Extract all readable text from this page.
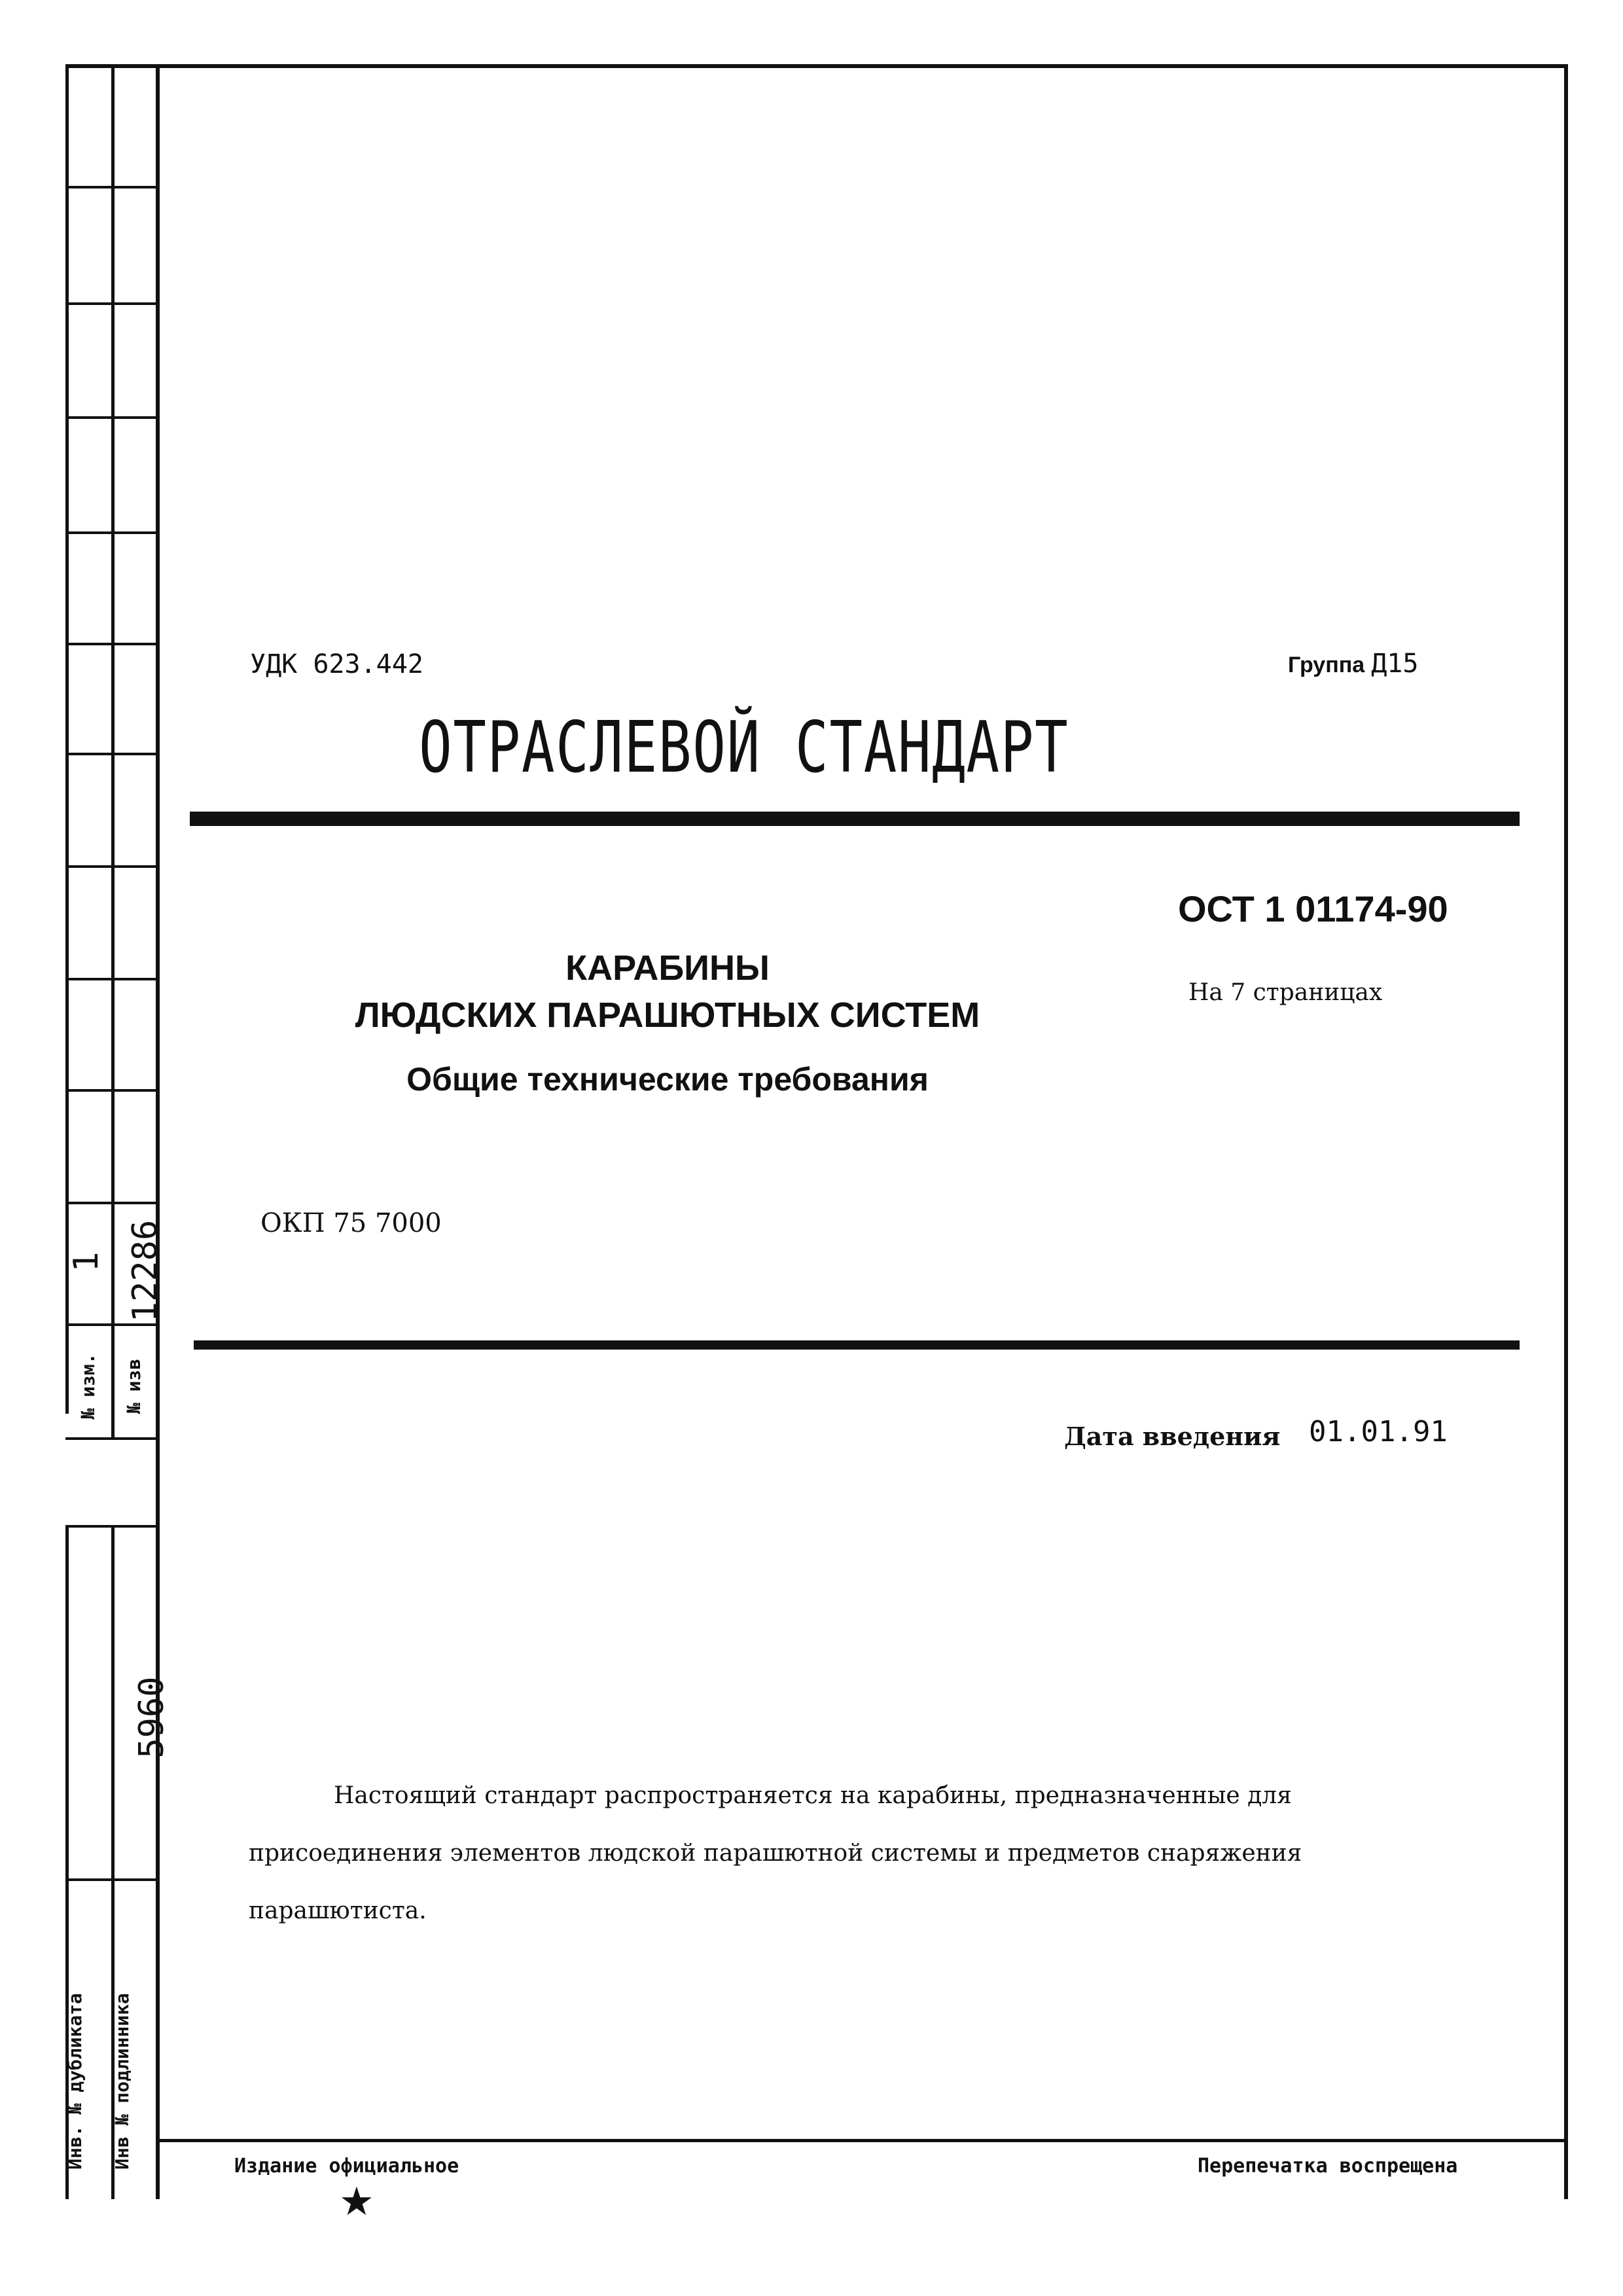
№ изм.
1
№ изв
12286
Инв. № дубликата Инв № подлинника
5960
УДК 623.442	Группа Д15
ОТРАСЛЕВОЙ СТАНДАРТ
ОСТ 1 01174-90
На 7 страницах
КАРАБИНЫ
ЛЮДСКИХ ПАРАШЮТНЫХ СИСТЕМ
Общие технические требования
ОКП 75 7000
Дата введения 01.01.91
Настоящий стандарт распространяется на карабины, предназначенные для присоединения элементов людской парашютной системы и предметов снаряжения парашютиста.
Издание официальное	Перепечатка воспрещена
★
